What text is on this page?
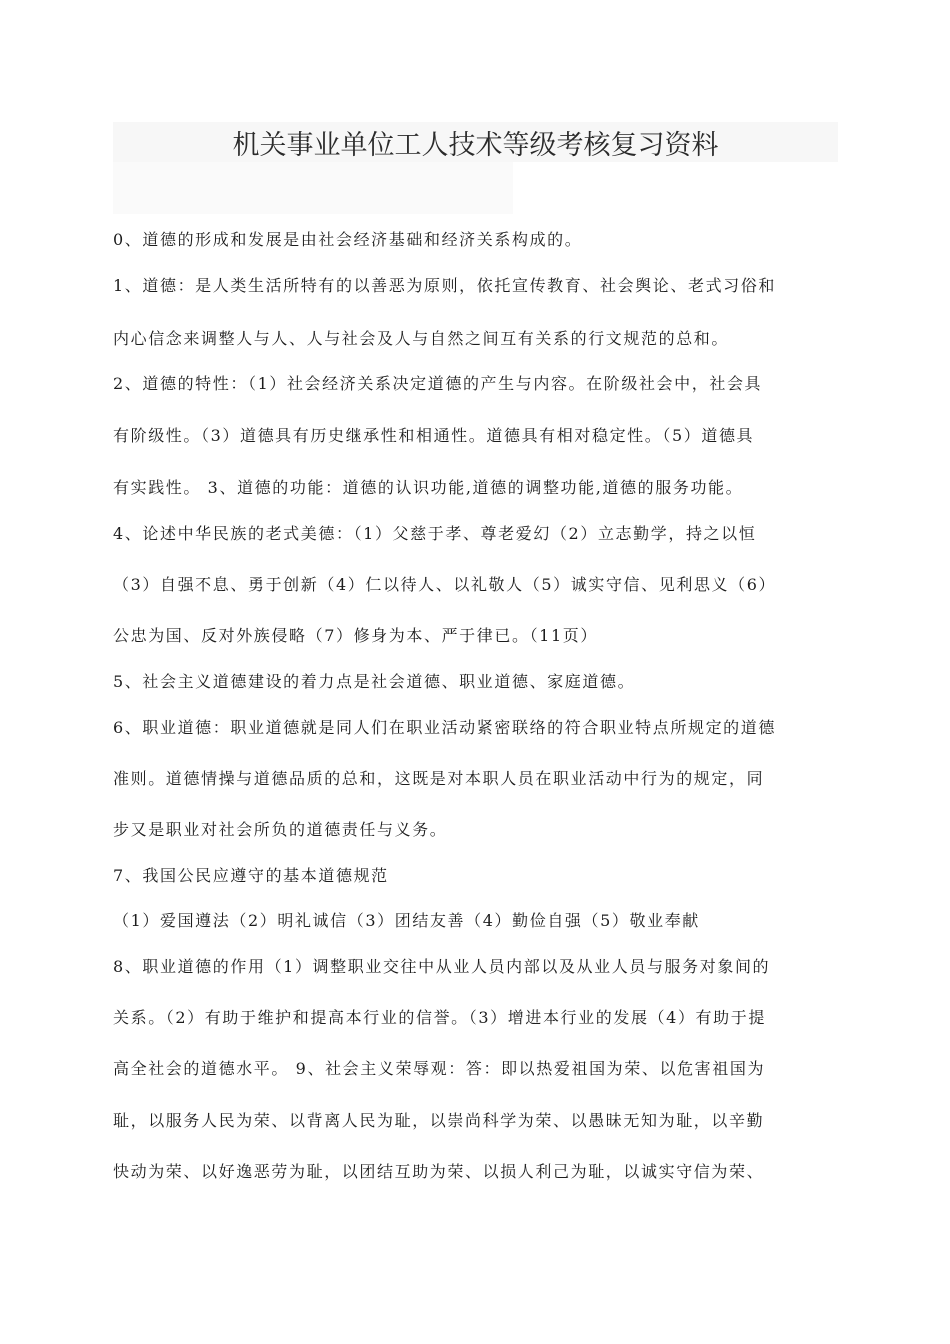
机关事业单位工人技术等级考核复习资料
0、道德的形成和发展是由社会经济基础和经济关系构成的。
1、道德：是人类生活所特有的以善恶为原则，依托宣传教育、社会舆论、老式习俗和
内心信念来调整人与人、人与社会及人与自然之间互有关系的行文规范的总和。
2、道德的特性：（1）社会经济关系决定道德的产生与内容。在阶级社会中，社会具
有阶级性。（3）道德具有历史继承性和相通性。道德具有相对稳定性。（5）道德具
有实践性。 3、道德的功能：道德的认识功能,道德的调整功能,道德的服务功能。
4、论述中华民族的老式美德：（1）父慈于孝、尊老爱幻（2）立志勤学，持之以恒
（3）自强不息、勇于创新（4）仁以待人、以礼敬人（5）诚实守信、见利思义（6）
公忠为国、反对外族侵略（7）修身为本、严于律已。（11页）
5、社会主义道德建设的着力点是社会道德、职业道德、家庭道德。
6、职业道德：职业道德就是同人们在职业活动紧密联络的符合职业特点所规定的道德
准则。道德情操与道德品质的总和，这既是对本职人员在职业活动中行为的规定，同
步又是职业对社会所负的道德责任与义务。
7、我国公民应遵守的基本道德规范
（1）爱国遵法（2）明礼诚信（3）团结友善（4）勤俭自强（5）敬业奉献
8、职业道德的作用（1）调整职业交往中从业人员内部以及从业人员与服务对象间的
关系。（2）有助于维护和提高本行业的信誉。（3）增进本行业的发展（4）有助于提
高全社会的道德水平。 9、社会主义荣辱观：答：即以热爱祖国为荣、以危害祖国为
耻，以服务人民为荣、以背离人民为耻，以崇尚科学为荣、以愚昧无知为耻，以辛勤
快动为荣、以好逸恶劳为耻，以团结互助为荣、以损人利己为耻，以诚实守信为荣、
